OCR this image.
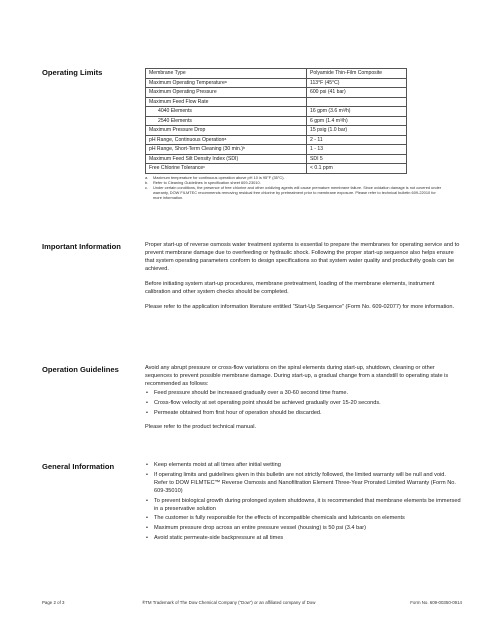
Operating Limits	Membrane Type	Polyamide Thin-Film Composite
Maximum Operating Temperatureᵃ	113°F (45°C)
Maximum Operating Pressure	600 psi (41 bar)
Maximum Feed Flow Rate	
4040 Elements	16 gpm (3.6 m³/h)
2540 Elements	6 gpm (1.4 m³/h)
Maximum Pressure Drop	15 psig (1.0 bar)
pH Range, Continuous Operationᵃ	2 - 11
pH Range, Short-Term Cleaning (30 min.)ᵇ	1 - 13
Maximum Feed Silt Density Index (SDI)	SDI 5
Free Chlorine Toleranceᶜ	< 0.1 ppm
a. Maximum temperature for continuous operation above pH 10 is 95°F (35°C).
b. Refer to Cleaning Guidelines in specification sheet 609-23010.
c. Under certain conditions, the presence of free chlorine and other oxidizing agents will cause premature membrane failure. Since oxidation damage is not covered under warranty, DOW FILMTEC recommends removing residual free chlorine by pretreatment prior to membrane exposure. Please refer to technical bulletin 609-22010 for more information.
Important Information	Proper start-up of reverse osmosis water treatment systems is essential to prepare the membranes for operating service and to prevent membrane damage due to overfeeding or hydraulic shock. Following the proper start-up sequence also helps ensure that system operating parameters conform to design specifications so that system water quality and productivity goals can be achieved.

Before initiating system start-up procedures, membrane pretreatment, loading of the membrane elements, instrument calibration and other system checks should be completed.

Please refer to the application information literature entitled “Start-Up Sequence” (Form No. 609-02077) for more information.

Operation Guidelines	Avoid any abrupt pressure or cross-flow variations on the spiral elements during start-up, shutdown, cleaning or other sequences to prevent possible membrane damage. During start-up, a gradual change from a standstill to operating state is recommended as follows:

• Feed pressure should be increased gradually over a 30-60 second time frame.
• Cross-flow velocity at set operating point should be achieved gradually over 15-20 seconds.
• Permeate obtained from first hour of operation should be discarded.

Please refer to the product technical manual.

General Information	• Keep elements moist at all times after initial wetting
• If operating limits and guidelines given in this bulletin are not strictly followed, the limited warranty will be null and void. Refer to DOW FILMTEC™ Reverse Osmosis and Nanofiltration Element Three-Year Prorated Limited Warranty (Form No. 609-35010)
• To prevent biological growth during prolonged system shutdowns, it is recommended that membrane elements be immersed in a preservative solution
• The customer is fully responsible for the effects of incompatible chemicals and lubricants on elements
• Maximum pressure drop across an entire pressure vessel (housing) is 50 psi (3.4 bar)
• Avoid static permeate-side backpressure at all times
Page 2 of 3	®TM Trademark of The Dow Chemical Company (“Dow”) or an affiliated company of Dow	Form No. 609-00350-0914
